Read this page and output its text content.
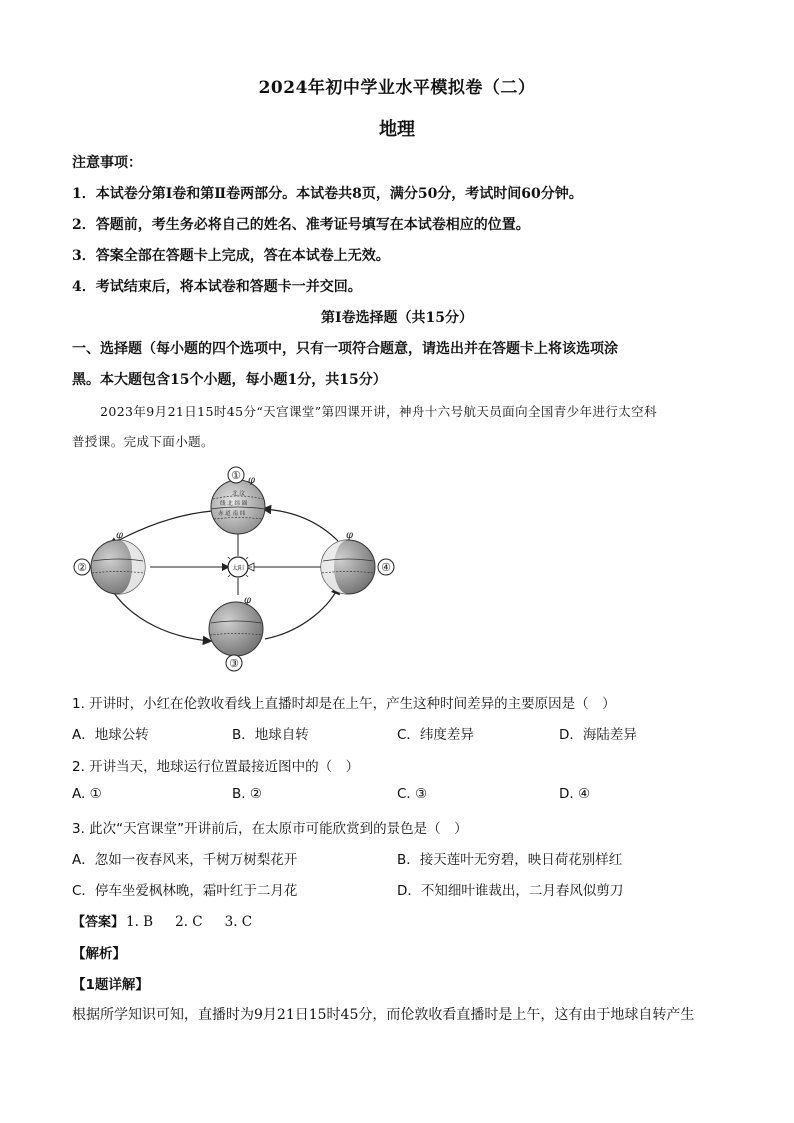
2024年初中学业水平模拟卷（二）
地理
注意事项：
1．本试卷分第Ⅰ卷和第Ⅱ卷两部分。本试卷共8页，满分50分，考试时间60分钟。
2．答题前，考生务必将自己的姓名、准考证号填写在本试卷相应的位置。
3．答案全部在答题卡上完成，答在本试卷上无效。
4．考试结束后，将本试卷和答题卡一并交回。
第Ⅰ卷选择题（共15分）
一、选择题（每小题的四个选项中，只有一项符合题意，请选出并在答题卡上将该选项涂
黑。本大题包含15个小题，每小题1分，共15分）
2023年9月21日15时45分“天宫课堂”第四课开讲，神舟十六号航天员面向全国青少年进行太空科
普授课。完成下面小题。
太阳
北 汶
线 北 纬 圈
赤 道 南 纬
① φ
φ
②
φ
③
φ
④
1. 开讲时，小红在伦敦收看线上直播时却是在上午，产生这种时间差异的主要原因是（　）
A．地球公转	B．地球自转	C．纬度差异	D．海陆差异
2. 开讲当天，地球运行位置最接近图中的（　）
A. ①	B. ②	C. ③	D. ④
3. 此次“天宫课堂”开讲前后，在太原市可能欣赏到的景色是（　）
A．忽如一夜春风来，千树万树梨花开	B．接天莲叶无穷碧，映日荷花别样红
C．停车坐爱枫林晚，霜叶红于二月花	D．不知细叶谁裁出，二月春风似剪刀
【答案】 1. B 2. C 3. C
【解析】
【1题详解】
根据所学知识可知，直播时为9月21日15时45分，而伦敦收看直播时是上午，这有由于地球自转产生
